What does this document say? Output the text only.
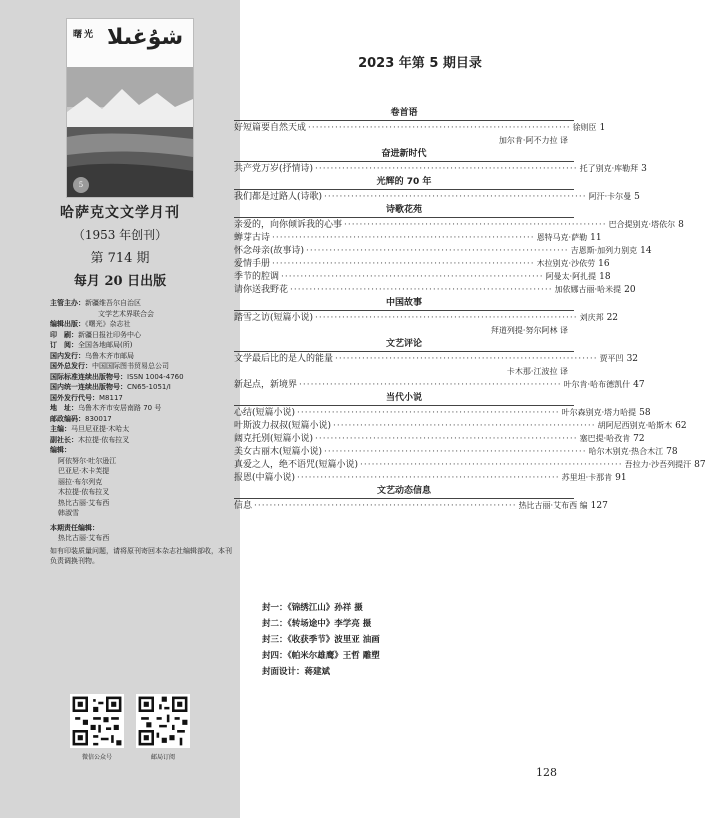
曙光 شۇغىلا
5
哈萨克文文学月刊
（1953 年创刊）
第 714 期
每月 20 日出版
主管主办：新疆维吾尔自治区
文学艺术界联合会
编辑出版：《曙光》杂志社
印　刷：新疆日报社印务中心
订　阅：全国各地邮局(所)
国内发行：乌鲁木齐市邮局
国外总发行：中国国际图书贸易总公司
国际标准连续出版物号：ISSN 1004-4760
国内统一连续出版物号：CN65-1051/I
国外发行代号：M8117
地　址：乌鲁木齐市安居南路 70 号
邮政编码：830017
主编：马旦尼亚提·木哈太
副社长：木拉提·依布拉叉
编辑：
阿依努尔·吐尔逊江
巴亚尼·木卡芙提
丽拉·布尔列克
木拉提·依布拉叉
热比古丽·艾布西
韩淑雪
本期责任编辑：
热比古丽·艾布西
如有印装质量问题，请将原刊寄回本杂志社编辑部收，本刊负责调换刊物。
微信公众号	邮局订阅
2023 年第 5 期目录
卷首语
好短篇要自然天成 ···································································· 徐则臣 1
加尔肯·阿不力拉 译
奋进新时代
共产党万岁(抒情诗) ···································································· 托了别克·库勒拜 3
光辉的 70 年
我们都是过路人(诗歌) ···································································· 阿汗·卡尔曼 5
诗歌花苑
亲爱的，向你倾诉我的心事 ···································································· 巴合提别克·塔依尔 8
蝉芽古诗 ···································································· 恩特马克·萨勒 11
怀念母亲(故事诗) ···································································· 吉恩斯·加列力别克 14
爱情手册 ···································································· 木拉别克·沙依劳 16
季节的腔调 ···································································· 阿曼太·阿扎提 18
请你送我野花 ···································································· 加依娜古丽·哈米提 20
中国故事
踏雪之访(短篇小说) ···································································· 刘庆邦 22
拜道列提·努尔阿林 译
文艺评论
文学最后比的是人的能量 ···································································· 贾平凹 32
卡木那·江波拉 译
新起点，新境界 ···································································· 叶尔肯·哈布德凯什 47
当代小说
心结(短篇小说) ···································································· 叶尔森别克·塔力哈提 58
叶斯波力叔叔(短篇小说) ···································································· 胡阿尼西别克·哈斯木 62
阔克托别(短篇小说) ···································································· 塞巴提·哈孜肯 72
美女古丽木(短篇小说) ···································································· 哈尔木别克·热合木江 78
真爱之人，绝不语咒(短篇小说) ···································································· 吾拉力·沙吾列提汗 87
报恩(中篇小说) ···································································· 苏里坦·卡那肯 91
文艺动态信息
信息 ···································································· 热比古丽·艾布西 编 127
封一：《锦绣江山》孙祥 摄
封二：《转场途中》李学亮 摄
封三：《收获季节》波里亚 油画
封四：《帕米尔雄鹰》王哲 雕塑
封面设计：蒋建斌
128
